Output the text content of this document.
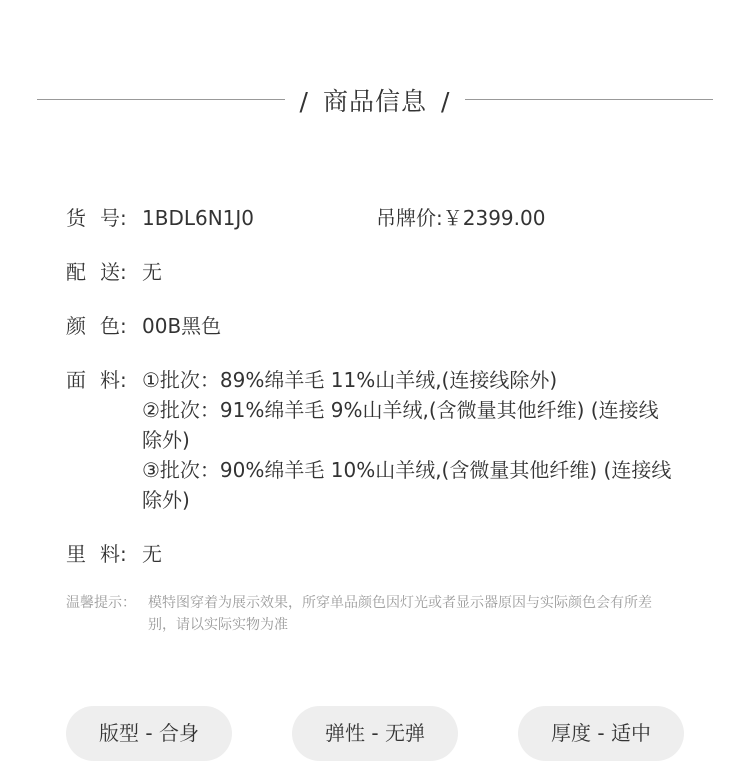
/ 商品信息 /
货 号: 1BDL6N1J0	吊牌价:￥2399.00
配 送: 无
颜 色: 00B黑色
面 料: ①批次：89%绵羊毛 11%山羊绒,(连接线除外)
②批次：91%绵羊毛 9%山羊绒,(含微量其他纤维) (连接线除外)
③批次：90%绵羊毛 10%山羊绒,(含微量其他纤维) (连接线除外)
里 料: 无
温馨提示： 模特图穿着为展示效果，所穿单品颜色因灯光或者显示器原因与实际颜色会有所差别，请以实际实物为准
版型 - 合身	弹性 - 无弹	厚度 - 适中
